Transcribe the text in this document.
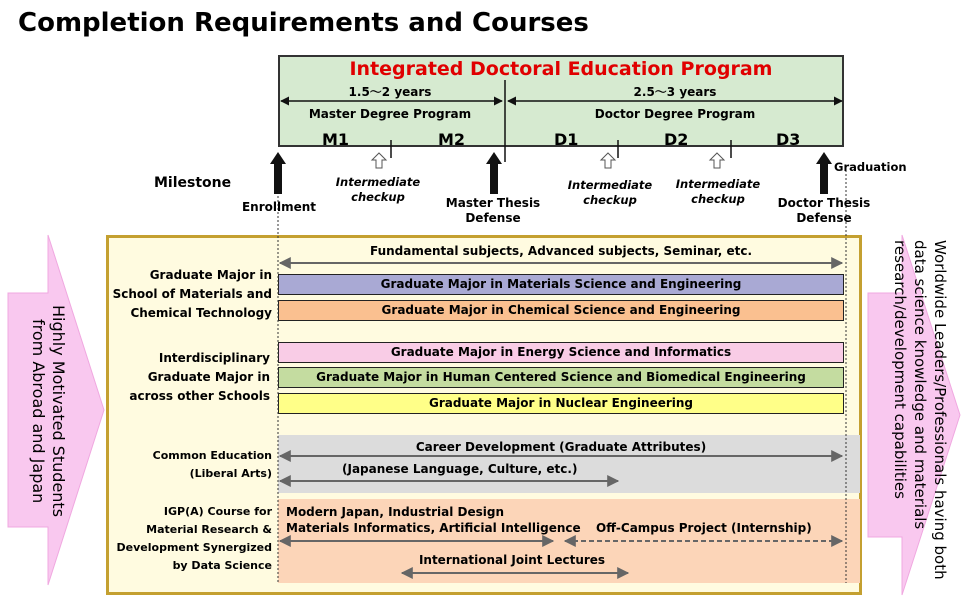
Completion Requirements and Courses
Highly Motivated Students from Abroad and Japan	Worldwide Leaders/Professionals having both data science knowledge and materials research/development capabilities
Integrated Doctoral Education Program
1.5～2 years	2.5～3 years
Master Degree Program	Doctor Degree Program
M1	M2	D1	D2	D3
Graduate Major in Materials Science and Engineering
Graduate Major in Chemical Science and Engineering
Graduate Major in Energy Science and Informatics
Graduate Major in Human Centered Science and Biomedical Engineering
Graduate Major in Nuclear Engineering
Milestone
Enrollment
Intermediate checkup	Master Thesis Defense
Intermediate checkup
Intermediate checkup	Doctor Thesis Defense
Graduation
Fundamental subjects, Advanced subjects, Seminar, etc.
Graduate Major in School of Materials and Chemical Technology
Interdisciplinary Graduate Major in across other Schools
Common Education (Liberal Arts)
IGP(A) Course for Material Research & Development Synergized by Data Science
Career Development (Graduate Attributes)
(Japanese Language, Culture, etc.)
Modern Japan, Industrial Design
Materials Informatics, Artificial Intelligence Off-Campus Project (Internship)
International Joint Lectures
